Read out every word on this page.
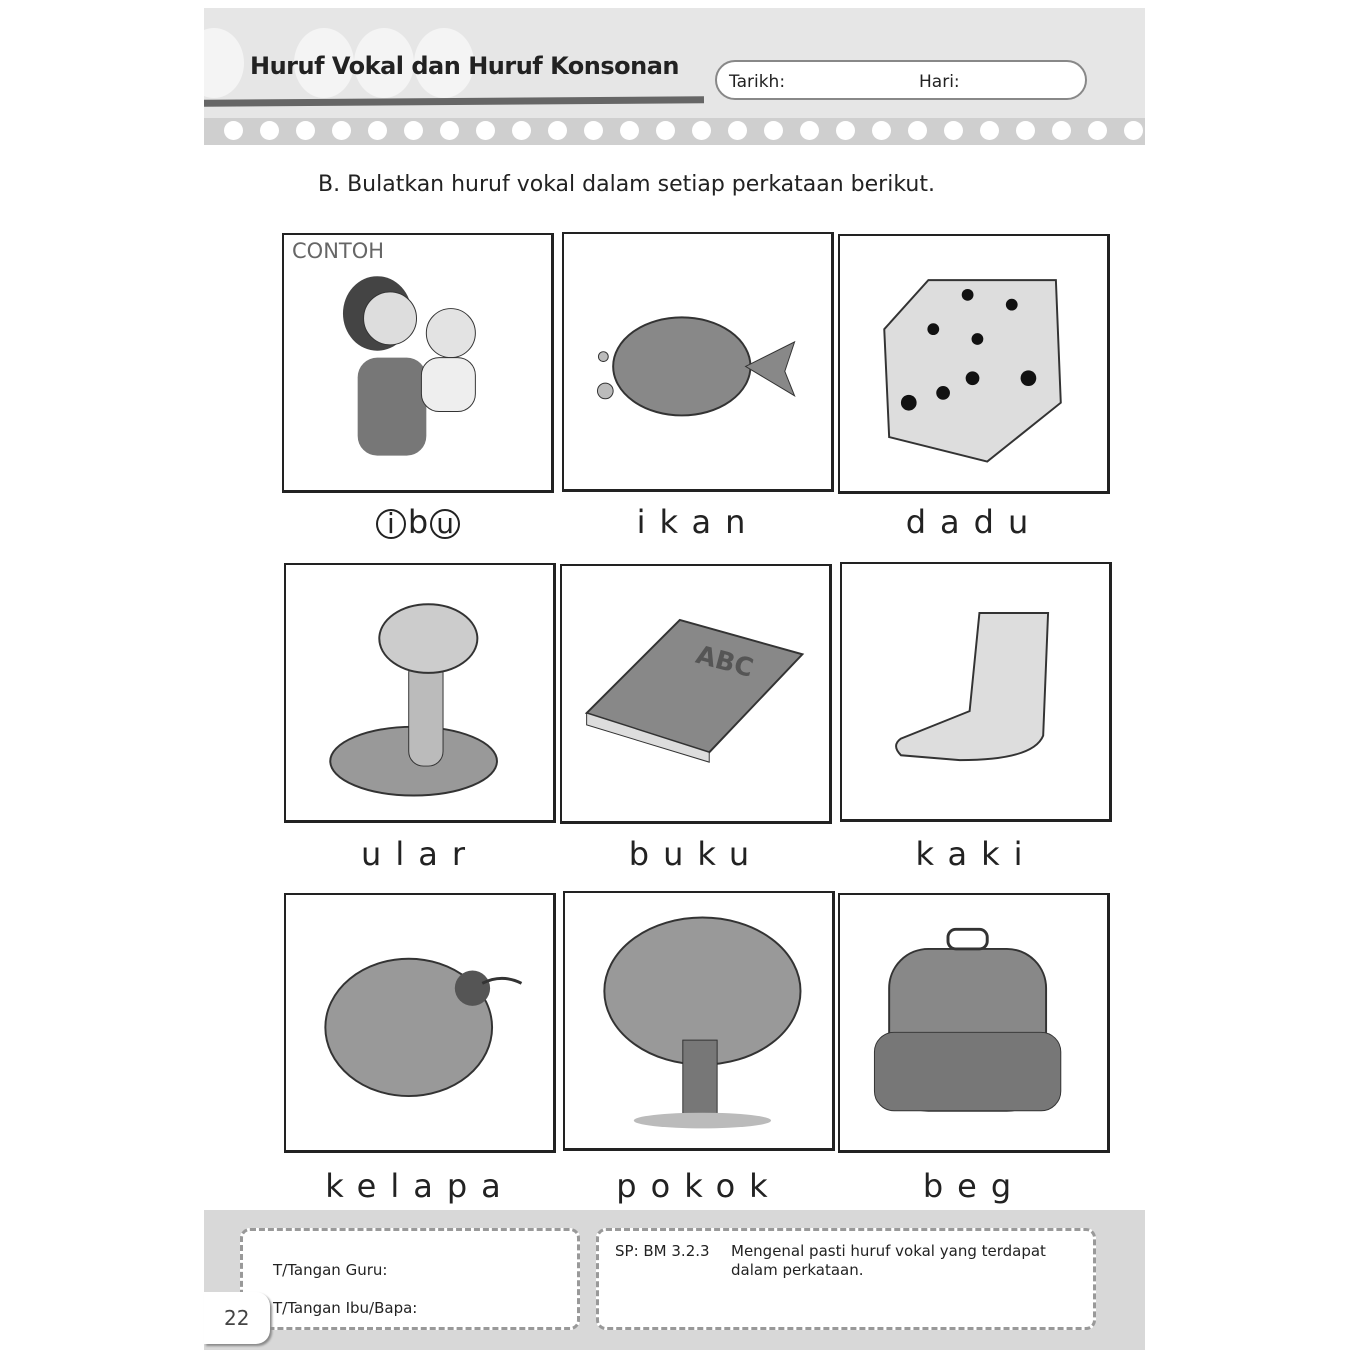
Huruf Vokal dan Huruf Konsonan
Tarikh:	Hari:
B. Bulatkan huruf vokal dalam setiap perkataan berikut.
CONTOH
i b u	ikan	dadu
ular
ABC
buku	kaki
kelapa	pokok	beg
T/Tangan Guru:
T/Tangan Ibu/Bapa:
SP: BM 3.2.3 Mengenal pasti huruf vokal yang terdapat dalam perkataan.
22
